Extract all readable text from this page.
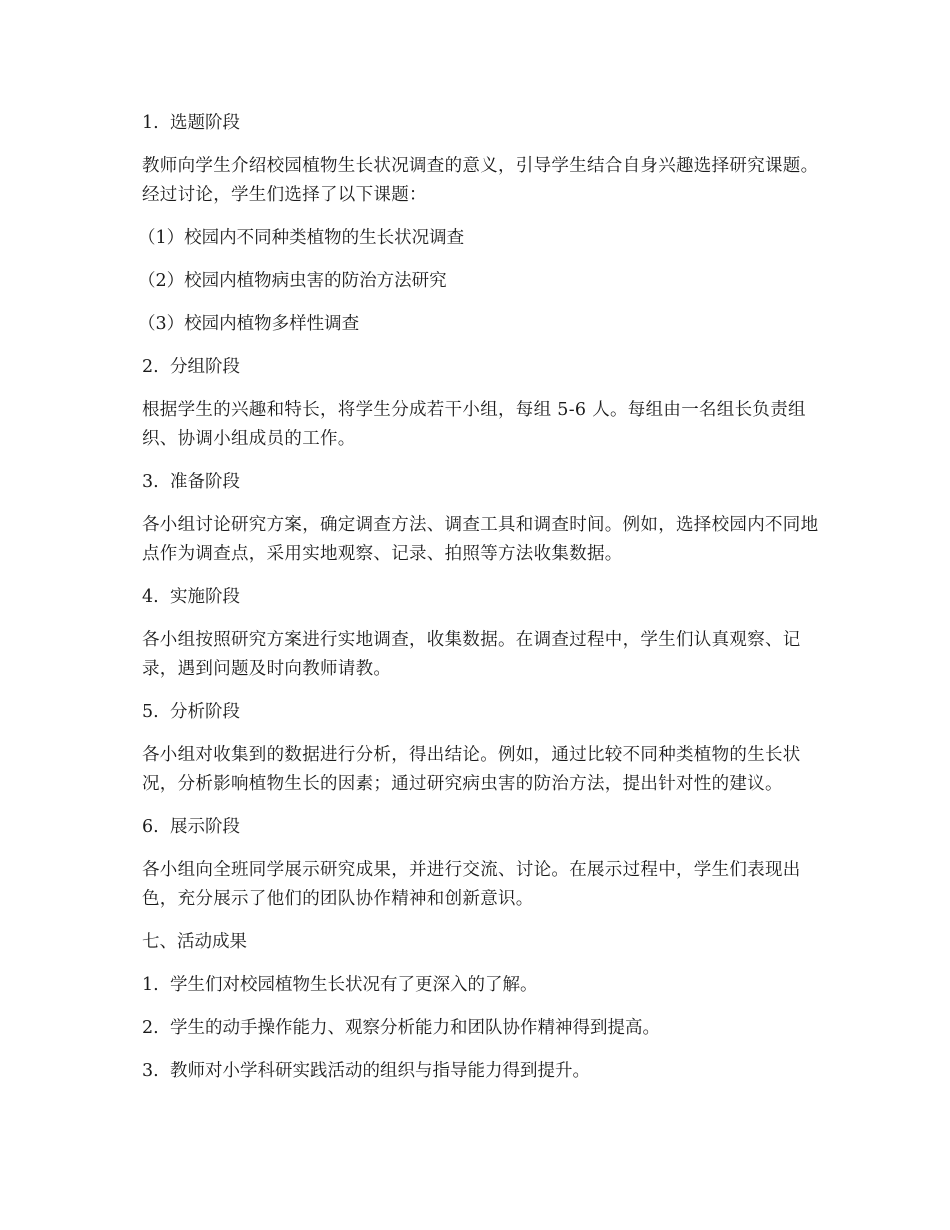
1. 选题阶段
教师向学生介绍校园植物生长状况调查的意义，引导学生结合自身兴趣选择研究课题。经过讨论，学生们选择了以下课题：
（1）校园内不同种类植物的生长状况调查
（2）校园内植物病虫害的防治方法研究
（3）校园内植物多样性调查
2. 分组阶段
根据学生的兴趣和特长，将学生分成若干小组，每组 5-6 人。每组由一名组长负责组织、协调小组成员的工作。
3. 准备阶段
各小组讨论研究方案，确定调查方法、调查工具和调查时间。例如，选择校园内不同地点作为调查点，采用实地观察、记录、拍照等方法收集数据。
4. 实施阶段
各小组按照研究方案进行实地调查，收集数据。在调查过程中，学生们认真观察、记录，遇到问题及时向教师请教。
5. 分析阶段
各小组对收集到的数据进行分析，得出结论。例如，通过比较不同种类植物的生长状况，分析影响植物生长的因素；通过研究病虫害的防治方法，提出针对性的建议。
6. 展示阶段
各小组向全班同学展示研究成果，并进行交流、讨论。在展示过程中，学生们表现出色，充分展示了他们的团队协作精神和创新意识。
七、活动成果
1. 学生们对校园植物生长状况有了更深入的了解。
2. 学生的动手操作能力、观察分析能力和团队协作精神得到提高。
3. 教师对小学科研实践活动的组织与指导能力得到提升。
